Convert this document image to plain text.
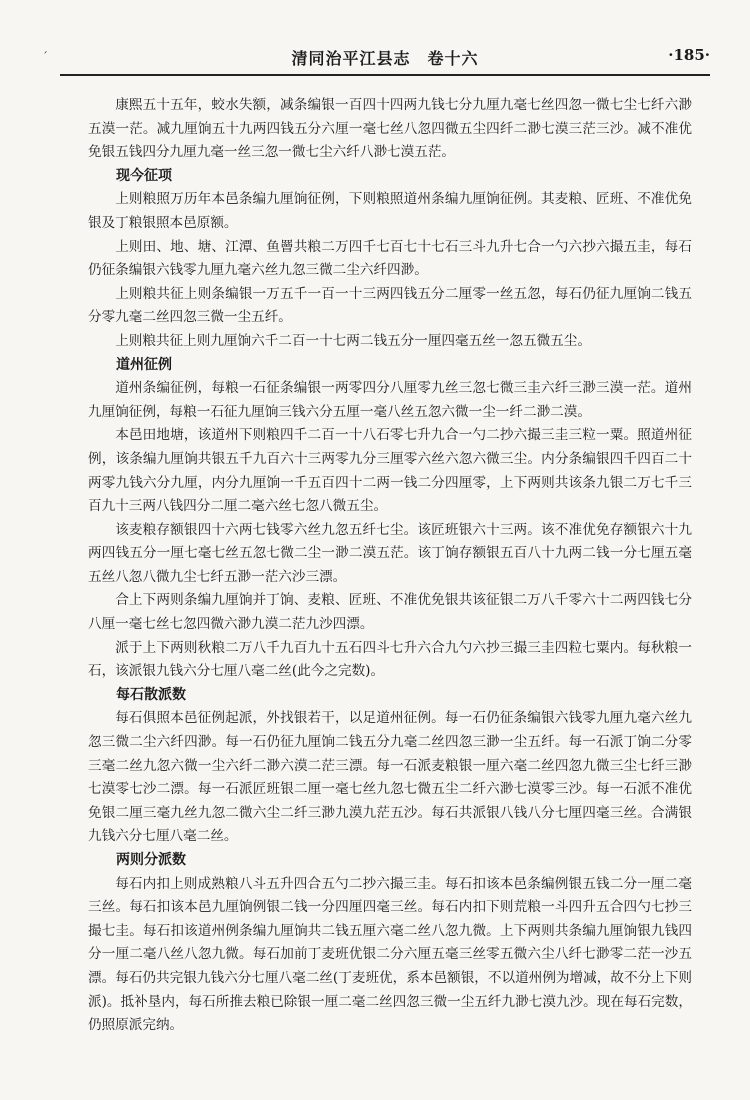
ˊ	清同治平江县志　卷十六	·185·

康熙五十五年，蛟水失额，减条编银一百四十四两九钱七分九厘九毫七丝四忽一微七尘七纤六渺五漠一茫。减九厘饷五十九两四钱五分六厘一毫七丝八忽四微五尘四纤二渺七漠三茫三沙。减不准优免银五钱四分九厘九毫一丝三忽一微七尘六纤八渺七漠五茫。

现今征项

上则粮照万历年本邑条编九厘饷征例，下则粮照道州条编九厘饷征例。其麦粮、匠班、不准优免银及丁粮银照本邑原额。

上则田、地、塘、江潭、鱼罾共粮二万四千七百七十七石三斗九升七合一勺六抄六撮五圭，每石仍征条编银六钱零九厘九毫六丝九忽三微二尘六纤四渺。

上则粮共征上则条编银一万五千一百一十三两四钱五分二厘零一丝五忽，每石仍征九厘饷二钱五分零九毫二丝四忽三微一尘五纤。

上则粮共征上则九厘饷六千二百一十七两二钱五分一厘四毫五丝一忽五微五尘。

道州征例

道州条编征例，每粮一石征条编银一两零四分八厘零九丝三忽七微三圭六纤三渺三漠一茫。道州九厘饷征例，每粮一石征九厘饷三钱六分五厘一毫八丝五忽六微一尘一纤二渺二漠。

本邑田地塘，该道州下则粮四千二百一十八石零七升九合一勺二抄六撮三圭三粒一粟。照道州征例，该条编九厘饷共银五千九百六十三两零九分三厘零六丝六忽六微三尘。内分条编银四千四百二十两零九钱六分九厘，内分九厘饷一千五百四十二两一钱二分四厘零，上下两则共该条九银二万七千三百九十三两八钱四分二厘二毫六丝七忽八微五尘。

该麦粮存额银四十六两七钱零六丝九忽五纤七尘。该匠班银六十三两。该不准优免存额银六十九两四钱五分一厘七毫七丝五忽七微二尘一渺二漠五茫。该丁饷存额银五百八十九两二钱一分七厘五毫五丝八忽八微九尘七纤五渺一茫六沙三漂。

合上下两则条编九厘饷并丁饷、麦粮、匠班、不准优免银共该征银二万八千零六十二两四钱七分八厘一毫七丝七忽四微六渺九漠二茫九沙四漂。

派于上下两则秋粮二万八千九百九十五石四斗七升六合九勺六抄三撮三圭四粒七粟内。每秋粮一石，该派银九钱六分七厘八毫二丝(此今之完数)。

每石散派数

每石俱照本邑征例起派，外找银若干，以足道州征例。每一石仍征条编银六钱零九厘九毫六丝九忽三微二尘六纤四渺。每一石仍征九厘饷二钱五分九毫二丝四忽三渺一尘五纤。每一石派丁饷二分零三毫二丝九忽六微一尘六纤二渺六漠二茫三漂。每一石派麦粮银一厘六毫二丝四忽九微三尘七纤三渺七漠零七沙二漂。每一石派匠班银二厘一毫七丝九忽七微五尘二纤六渺七漠零三沙。每一石派不准优免银二厘三毫九丝九忽二微六尘二纤三渺九漠九茫五沙。每石共派银八钱八分七厘四毫三丝。合满银九钱六分七厘八毫二丝。

两则分派数

每石内扣上则成熟粮八斗五升四合五勺二抄六撮三圭。每石扣该本邑条编例银五钱二分一厘二毫三丝。每石扣该本邑九厘饷例银二钱一分四厘四毫三丝。每石内扣下则荒粮一斗四升五合四勺七抄三撮七圭。每石扣该道州例条编九厘饷共二钱五厘六毫二丝八忽九微。上下两则共条编九厘饷银九钱四分一厘二毫八丝八忽九微。每石加前丁麦班优银二分六厘五毫三丝零五微六尘八纤七渺零二茫一沙五漂。每石仍共完银九钱六分七厘八毫二丝(丁麦班优，系本邑额银，不以道州例为增减，故不分上下则派)。抵补垦内，每石所推去粮已除银一厘二毫二丝四忽三微一尘五纤九渺七漠九沙。现在每石完数，仍照原派完纳。
